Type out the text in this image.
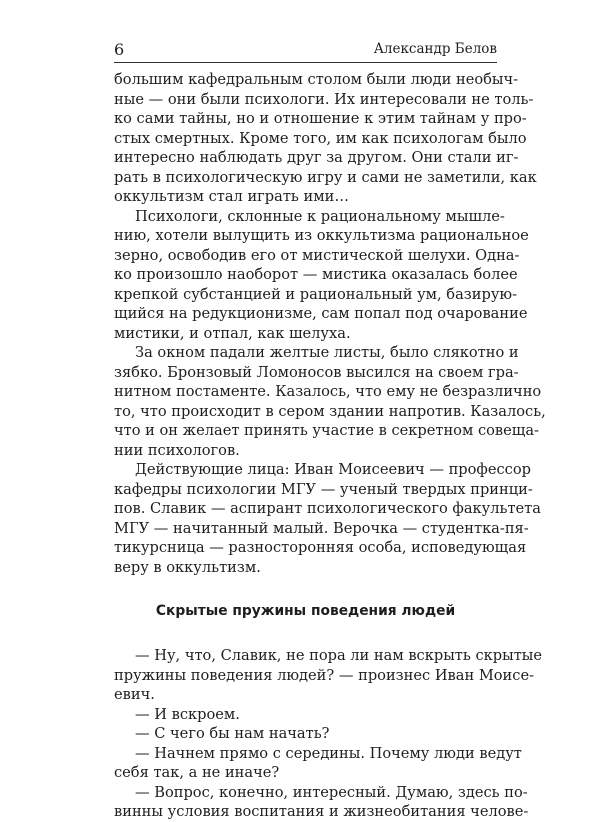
6	Александр Белов
большим кафедральным столом были люди необыч-
ные — они были психологи. Их интересовали не толь-
ко сами тайны, но и отношение к этим тайнам у про-
стых смертных. Кроме того, им как психологам было
интересно наблюдать друг за другом. Они стали иг-
рать в психологическую игру и сами не заметили, как
оккультизм стал играть ими…
Психологи, склонные к рациональному мышле-
нию, хотели вылущить из оккультизма рациональное
зерно, освободив его от мистической шелухи. Одна-
ко произошло наоборот — мистика оказалась более
крепкой субстанцией и рациональный ум, базирую-
щийся на редукционизме, сам попал под очарование
мистики, и отпал, как шелуха.
За окном падали желтые листы, было слякотно и
зябко. Бронзовый Ломоносов высился на своем гра-
нитном постаменте. Казалось, что ему не безразлично
то, что происходит в сером здании напротив. Казалось,
что и он желает принять участие в секретном совеща-
нии психологов.
Действующие лица: Иван Моисеевич — профессор
кафедры психологии МГУ — ученый твердых принци-
пов. Славик — аспирант психологического факультета
МГУ — начитанный малый. Верочка — студентка-пя-
тикурсница — разносторонняя особа, исповедующая
веру в оккультизм.
Скрытые пружины поведения людей
— Ну, что, Славик, не пора ли нам вскрыть скрытые
пружины поведения людей? — произнес Иван Моисе-
евич.
— И вскроем.
— С чего бы нам начать?
— Начнем прямо с середины. Почему люди ведут
себя так, а не иначе?
— Вопрос, конечно, интересный. Думаю, здесь по-
винны условия воспитания и жизнеобитания челове-
